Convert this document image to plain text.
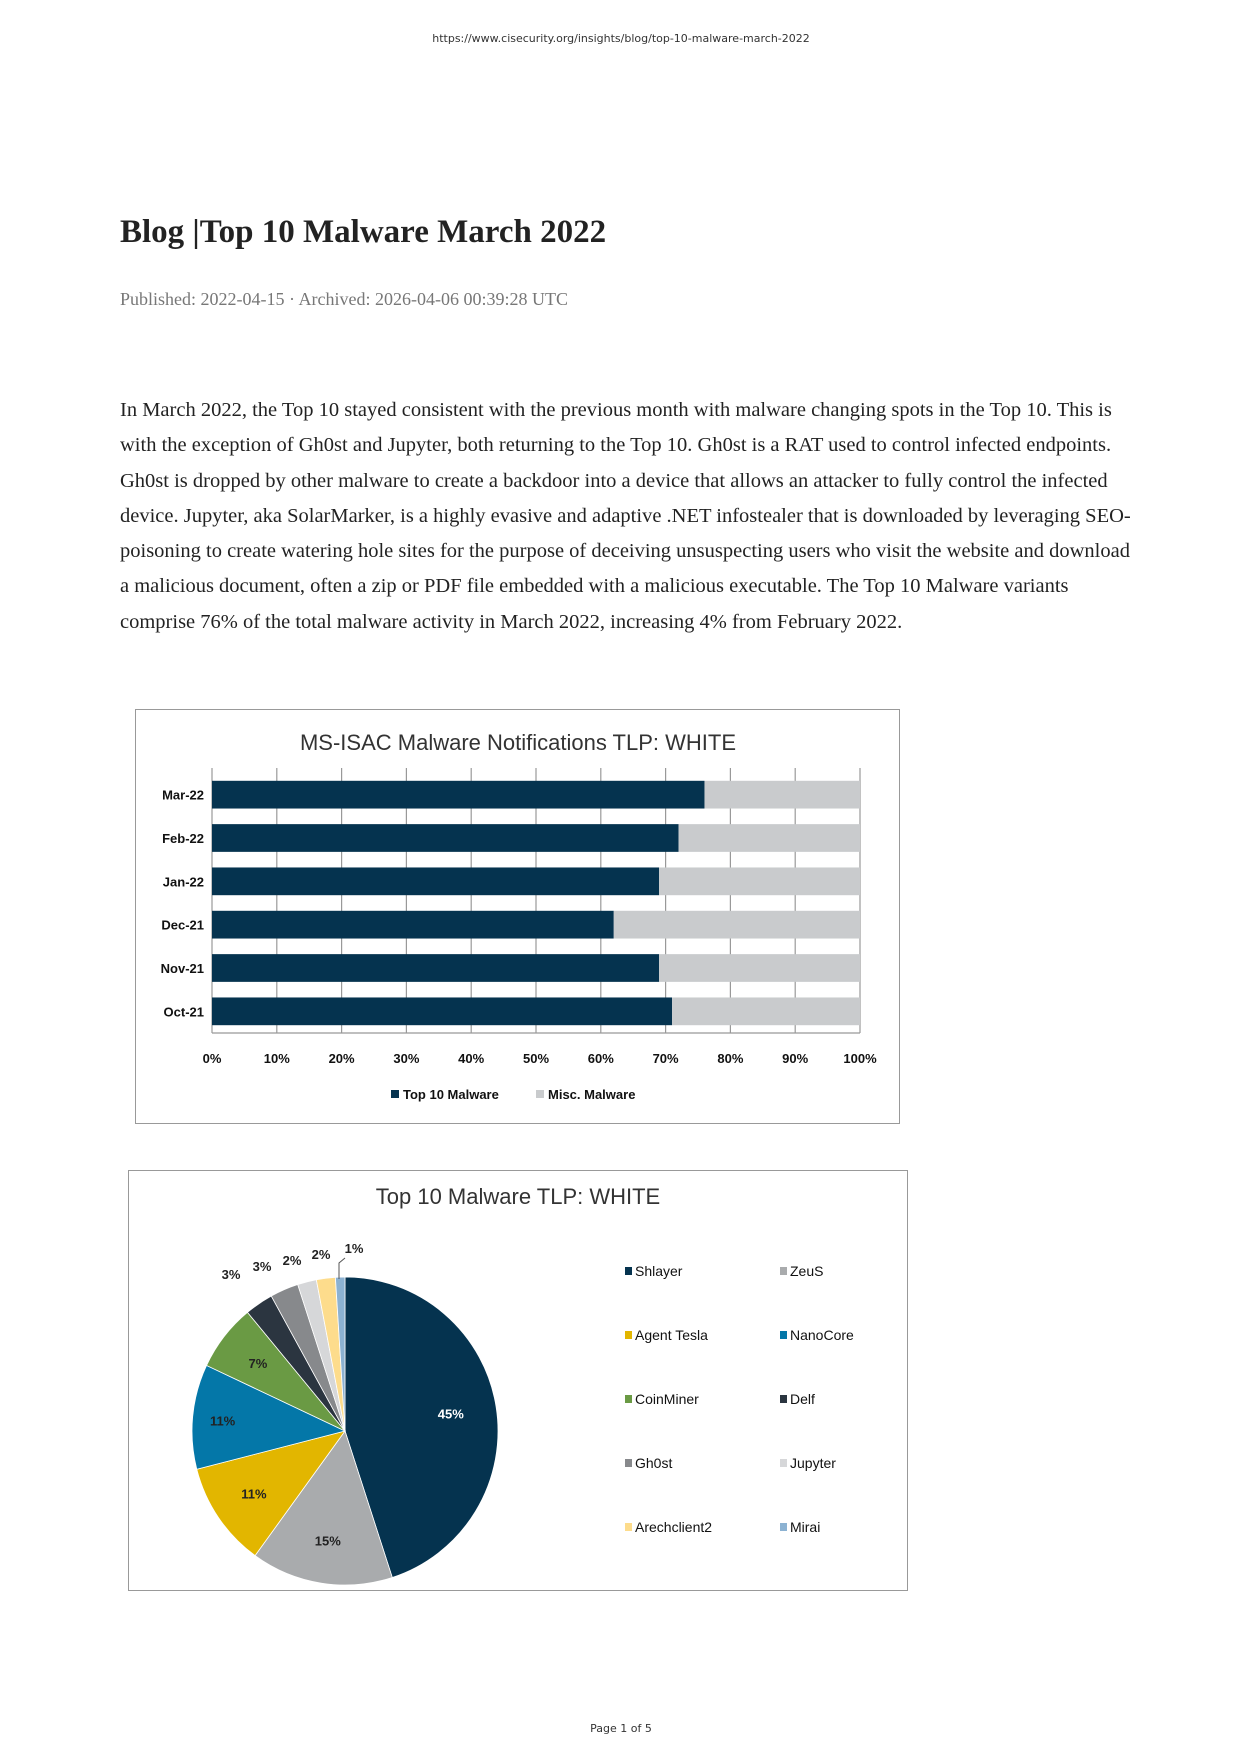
https://www.cisecurity.org/insights/blog/top-10-malware-march-2022
Blog |Top 10 Malware March 2022
Published: 2022-04-15 · Archived: 2026-04-06 00:39:28 UTC

In March 2022, the Top 10 stayed consistent with the previous month with malware changing spots in the Top 10. This is with the exception of Gh0st and Jupyter, both returning to the Top 10. Gh0st is a RAT used to control infected endpoints. Gh0st is dropped by other malware to create a backdoor into a device that allows an attacker to fully control the infected device. Jupyter, aka SolarMarker, is a highly evasive and adaptive .NET infostealer that is downloaded by leveraging SEO-poisoning to create watering hole sites for the purpose of deceiving unsuspecting users who visit the website and download a malicious document, often a zip or PDF file embedded with a malicious executable. The Top 10 Malware variants comprise 76% of the total malware activity in March 2022, increasing 4% from February 2022.

MS-ISAC Malware Notifications TLP: WHITE
0%	10%	20%	30%	40%	50%	60%	70%	80%	90%	100%
Mar-22
Feb-22
Jan-22
Dec-21
Nov-21
Oct-21
Top 10 Malware	Misc. Malware
Top 10 Malware TLP: WHITE
45%
15%
11%
11%
7%
3%
3% 2% 2% 1%
Shlayer	ZeuS
Agent Tesla	NanoCore
CoinMiner	Delf
Gh0st	Jupyter
Arechclient2	Mirai
Page 1 of 5
